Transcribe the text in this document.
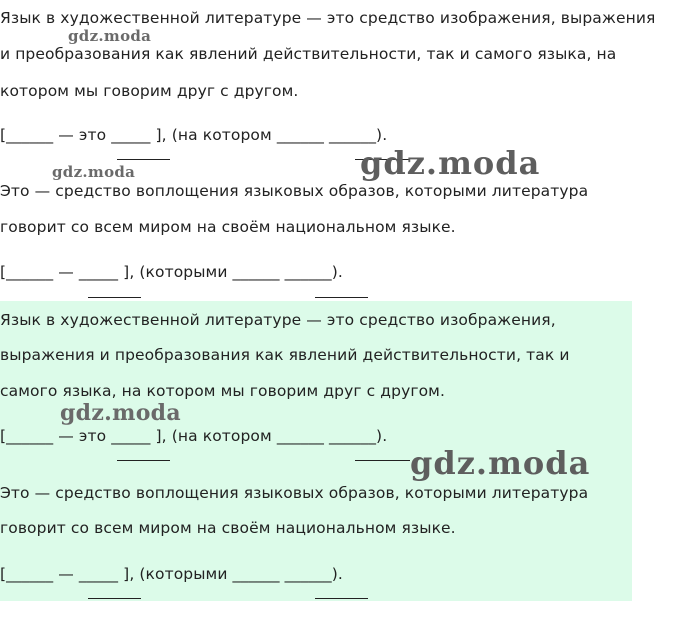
Язык в художественной литературе — это средство изображения, выражения
и преобразования как явлений действительности, так и самого языка, на
котором мы говорим друг с другом.
[______ — это _____ ], (на котором ______ ______).
Это — средство воплощения языковых образов, которыми литература
говорит со всем миром на своём национальном языке.
[______ — _____ ], (которыми ______ ______).
Язык в художественной литературе — это средство изображения,
выражения и преобразования как явлений действительности, так и
самого языка, на котором мы говорим друг с другом.
[______ — это _____ ], (на котором ______ ______).
Это — средство воплощения языковых образов, которыми литература
говорит со всем миром на своём национальном языке.
[______ — _____ ], (которыми ______ ______).
gdz.moda
gdz.moda	gdz.moda
gdz.moda
gdz.moda
